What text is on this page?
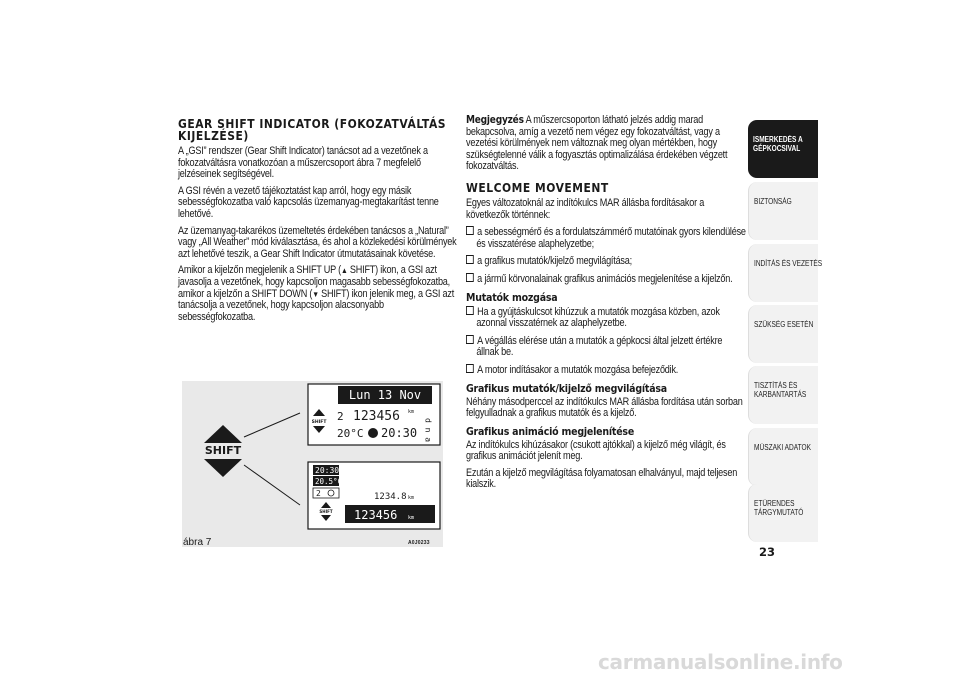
GEAR SHIFT INDICATOR (FOKOZATVÁLTÁS KIJELZÉSE)

A „GSI” rendszer (Gear Shift Indicator) tanácsot ad a vezetőnek a fokozatváltásra vonatkozóan a műszercsoport ábra 7 megfelelő jelzéseinek segítségével.

A GSI révén a vezető tájékoztatást kap arról, hogy egy másik sebességfokozatba való kapcsolás üzemanyag-megtakarítást tenne lehetővé.

Az üzemanyag-takarékos üzemeltetés érdekében tanácsos a „Natural” vagy „All Weather” mód kiválasztása, és ahol a közlekedési körülmények azt lehetővé teszik, a Gear Shift Indicator útmutatásainak követése.

Amikor a kijelzőn megjelenik a SHIFT UP (▲ SHIFT) ikon, a GSI azt javasolja a vezetőnek, hogy kapcsoljon magasabb sebességfokozatba, amikor a kijelzőn a SHIFT DOWN (▼ SHIFT) ikon jelenik meg, a GSI azt tanácsolja a vezetőnek, hogy kapcsoljon alacsonyabb sebességfokozatba.

SHIFT
Lun 13 Nov
SHIFT 2 123456 km
20°C 20:30 d n a
20:30
20.5°C
2
SHIFT
1234.8 km
123456 km
ábra 7	A0J0233

Megjegyzés A műszercsoporton látható jelzés addig marad bekapcsolva, amíg a vezető nem végez egy fokozatváltást, vagy a vezetési körülmények nem változnak meg olyan mértékben, hogy szükségtelenné válik a fogyasztás optimalizálása érdekében végzett fokozatváltás.

WELCOME MOVEMENT

Egyes változatoknál az indítókulcs MAR állásba fordításakor a következők történnek:

a sebességmérő és a fordulatszámmérő mutatóinak gyors kilendülése és visszatérése alaphelyzetbe;
a grafikus mutatók/kijelző megvilágítása;
a jármű körvonalainak grafikus animációs megjelenítése a kijelzőn.
Mutatók mozgása
Ha a gyújtáskulcsot kihúzzuk a mutatók mozgása közben, azok azonnal visszatérnek az alaphelyzetbe.
A végállás elérése után a mutatók a gépkocsi által jelzett értékre állnak be.
A motor indításakor a mutatók mozgása befejeződik.
Grafikus mutatók/kijelző megvilágítása

Néhány másodperccel az indítókulcs MAR állásba fordítása után sorban felgyulladnak a grafikus mutatók és a kijelző.

Grafikus animáció megjelenítése

Az indítókulcs kihúzásakor (csukott ajtókkal) a kijelző még világít, és grafikus animációt jelenít meg.

Ezután a kijelző megvilágítása folyamatosan elhalványul, majd teljesen kialszik.

ISMERKEDÉS A GÉPKOCSIVAL
BIZTONSÁG
INDÍTÁS ÉS VEZETÉS
SZÜKSÉG ESETÉN
TISZTÍTÁS ÉS KARBANTARTÁS
MŰSZAKI ADATOK
ETŰRENDES TÁRGYMUTATÓ
23
carmanualsonline.info
